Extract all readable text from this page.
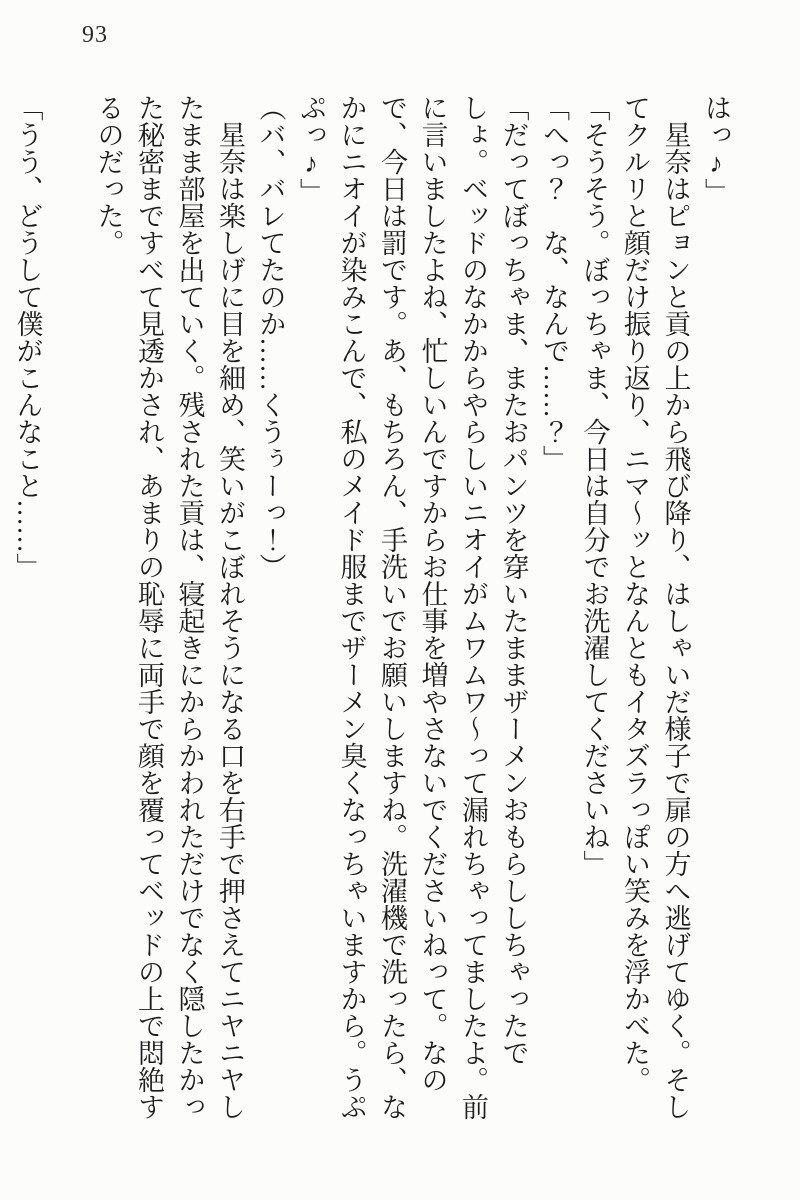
93

はっ♪」

星奈はピョンと貢の上から飛び降り、はしゃいだ様子で扉の方へ逃げてゆく。そしてクルリと顔だけ振り返り、ニマ〜ッとなんともイタズラっぽい笑みを浮かべた。

「そうそう。ぼっちゃま、今日は自分でお洗濯してくださいね」

「へっ？　な、なんで……？」

「だってぼっちゃま、またおパンツを穿いたままザーメンおもらししちゃったでしょ。ベッドのなかからやらしいニオイがムワムワ〜って漏れちゃってましたよ。前に言いましたよね、忙しいんですからお仕事を増やさないでくださいねって。なので、今日は罰です。あ、もちろん、手洗いでお願いしますね。洗濯機で洗ったら、なかにニオイが染みこんで、私のメイド服までザーメン臭くなっちゃいますから。うぷぷっ♪」

（バ、バレてたのか……くうぅーっ！）

星奈は楽しげに目を細め、笑いがこぼれそうになる口を右手で押さえてニヤニヤしたまま部屋を出ていく。残された貢は、寝起きにからかわれただけでなく隠したかった秘密まですべて見透かされ、あまりの恥辱に両手で顔を覆ってベッドの上で悶絶するのだった。

「うう、どうして僕がこんなこと……」
